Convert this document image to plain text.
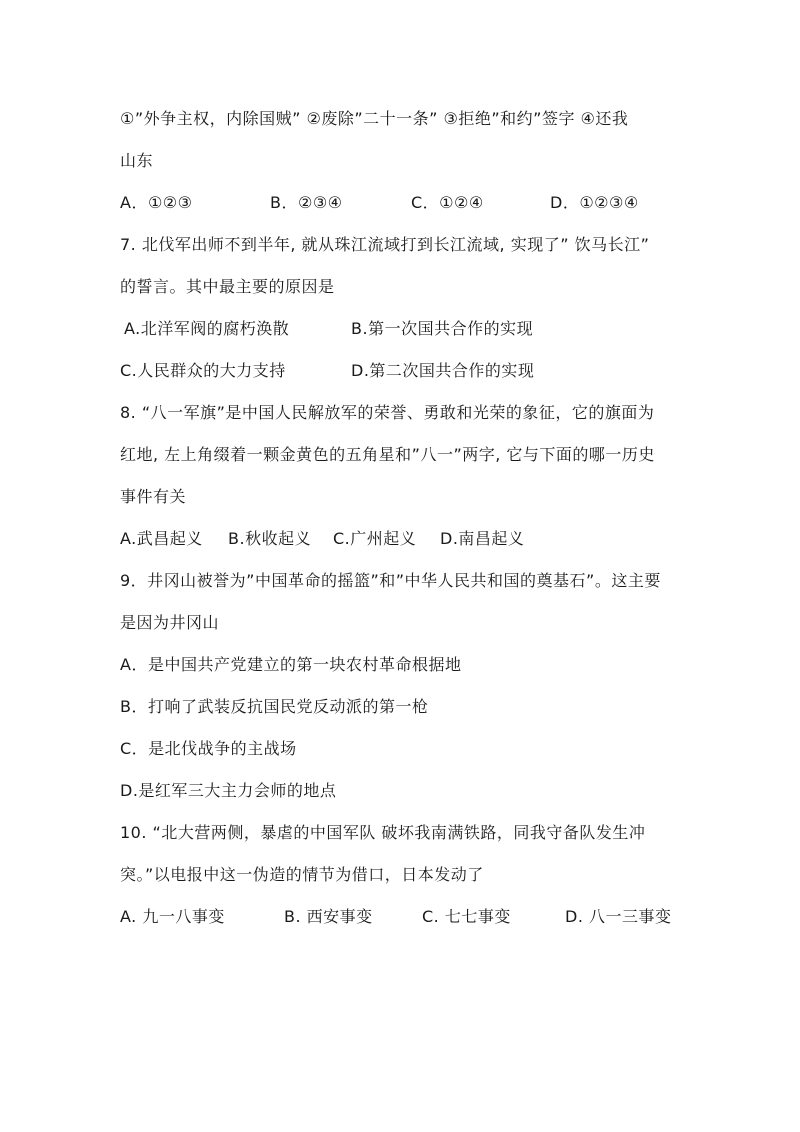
①”外争主权，内除国贼” ②废除”二十一条” ③拒绝”和约”签字 ④还我
山东
A．①②③	B．②③④	C．①②④	D．①②③④
7. 北伐军出师不到半年, 就从珠江流域打到长江流域, 实现了” 饮马长江”
的誓言。其中最主要的原因是
A.北洋军阀的腐朽涣散	B.第一次国共合作的实现
C.人民群众的大力支持	D.第二次国共合作的实现
8. “八一军旗”是中国人民解放军的荣誉、勇敢和光荣的象征，它的旗面为
红地, 左上角缀着一颗金黄色的五角星和”八一”两字, 它与下面的哪一历史
事件有关
A.武昌起义 B.秋收起义 C.广州起义 D.南昌起义
9．井冈山被誉为”中国革命的摇篮”和”中华人民共和国的奠基石”。这主要
是因为井冈山
A．是中国共产党建立的第一块农村革命根据地
B．打响了武装反抗国民党反动派的第一枪
C．是北伐战争的主战场
D.是红军三大主力会师的地点
10. “北大营两侧，暴虐的中国军队 破坏我南满铁路，同我守备队发生冲
突。”以电报中这一伪造的情节为借口，日本发动了
A. 九一八事变	B. 西安事变	C. 七七事变	D. 八一三事变
